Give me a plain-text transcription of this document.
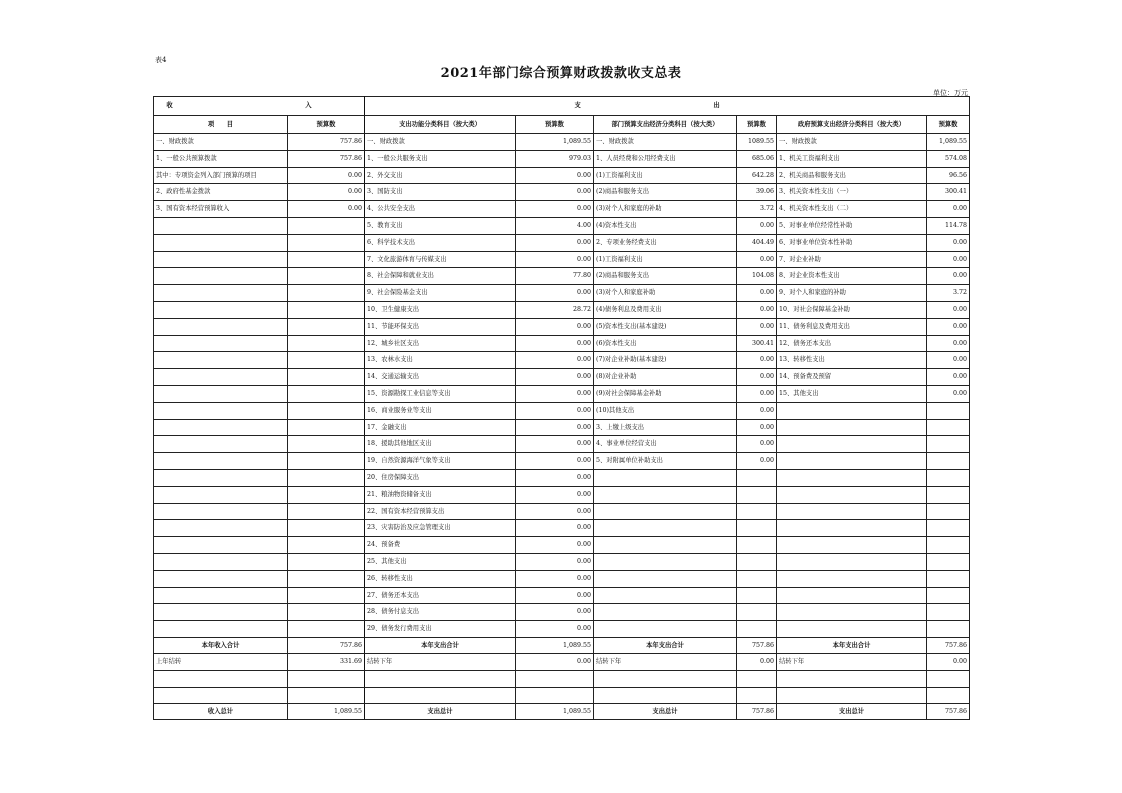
表4
2021年部门综合预算财政拨款收支总表
单位：万元
收　　入		支　　出					
项　　目	预算数	支出功能分类科目（按大类）	预算数	部门预算支出经济分类科目（按大类）	预算数	政府预算支出经济分类科目（按大类）	预算数
一、财政拨款	757.86	一、财政拨款	1,089.55	一、财政拨款	1089.55	一、财政拨款	1,089.55
1、一般公共预算拨款	757.86	1、一般公共服务支出	979.03	1、人员经费和公用经费支出	685.06	1、机关工资福利支出	574.08
其中：专项资金列入部门预算的项目	0.00	2、外交支出	0.00	(1)工资福利支出	642.28	2、机关商品和服务支出	96.56
2、政府性基金拨款	0.00	3、国防支出	0.00	(2)商品和服务支出	39.06	3、机关资本性支出（一）	300.41
3、国有资本经营预算收入	0.00	4、公共安全支出	0.00	(3)对个人和家庭的补助	3.72	4、机关资本性支出（二）	0.00
		5、教育支出	4.00	(4)资本性支出	0.00	5、对事业单位经常性补助	114.78
		6、科学技术支出	0.00	2、专项业务经费支出	404.49	6、对事业单位资本性补助	0.00
		7、文化旅游体育与传媒支出	0.00	(1)工资福利支出	0.00	7、对企业补助	0.00
		8、社会保障和就业支出	77.80	(2)商品和服务支出	104.08	8、对企业资本性支出	0.00
		9、社会保险基金支出	0.00	(3)对个人和家庭补助	0.00	9、对个人和家庭的补助	3.72
		10、卫生健康支出	28.72	(4)债务利息及费用支出	0.00	10、对社会保障基金补助	0.00
		11、节能环保支出	0.00	(5)资本性支出(基本建设)	0.00	11、债务利息及费用支出	0.00
		12、城乡社区支出	0.00	(6)资本性支出	300.41	12、债务还本支出	0.00
		13、农林水支出	0.00	(7)对企业补助(基本建设)	0.00	13、转移性支出	0.00
		14、交通运输支出	0.00	(8)对企业补助	0.00	14、预备费及预留	0.00
		15、资源勘探工业信息等支出	0.00	(9)对社会保障基金补助	0.00	15、其他支出	0.00
		16、商业服务业等支出	0.00	(10)其他支出	0.00		
		17、金融支出	0.00	3、上缴上级支出	0.00		
		18、援助其他地区支出	0.00	4、事业单位经营支出	0.00		
		19、自然资源海洋气象等支出	0.00	5、对附属单位补助支出	0.00		
		20、住房保障支出	0.00				
		21、粮油物资储备支出	0.00				
		22、国有资本经营预算支出	0.00				
		23、灾害防治及应急管理支出	0.00				
		24、预备费	0.00				
		25、其他支出	0.00				
		26、转移性支出	0.00				
		27、债务还本支出	0.00				
		28、债务付息支出	0.00				
		29、债务发行费用支出	0.00				
本年收入合计	757.86	本年支出合计	1,089.55	本年支出合计	757.86	本年支出合计	757.86
上年结转	331.69	结转下年	0.00	结转下年	0.00	结转下年	0.00

收入总计	1,089.55	支出总计	1,089.55	支出总计	757.86	支出总计	757.86
